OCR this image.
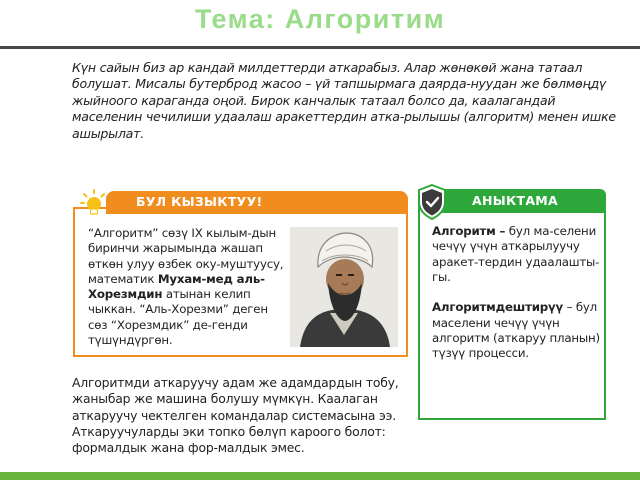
Тема: Алгоритим

Күн сайын биз ар кандай милдеттерди аткарабыз. Алар жөнөкөй жана татаал болушат. Мисалы бутерброд жасоо – үй тапшырмага даярда-нуудан же бөлмөңдү жыйноого караганда оңой. Бирок канчалык татаал болсо да, каалагандай маселенин чечилиши удаалаш аракеттердин атка-рылышы (алгоритм) менен ишке ашырылат.

БУЛ КЫЗЫКТУУ!

“Алгоритм” сөзү IX кылым-дын биринчи жарымында жашап өткөн улуу өзбек оку-муштуусу, математик Мухам-мед аль-Хорезмдин атынан келип чыккан. “Аль-Хорезми” деген сөз “Хорезмдик” де-генди түшүндүргөн.

АНЫКТАМА

Алгоритм – бул ма-селени чечүү үчүн аткарылуучу аракет-тердин удаалашты-гы.

Алгоритмдештирүү – бул маселени чечүү үчүн алгоритм (аткаруу планын) түзүү процесси.

Алгоритмди аткаруучу адам же адамдардын тобу, жаныбар же машина болушу мүмкүн. Каалаган аткаруучу чектелген командалар системасына ээ. Аткаруучуларды эки топко бөлүп кароого болот: формалдык жана фор-малдык эмес.
